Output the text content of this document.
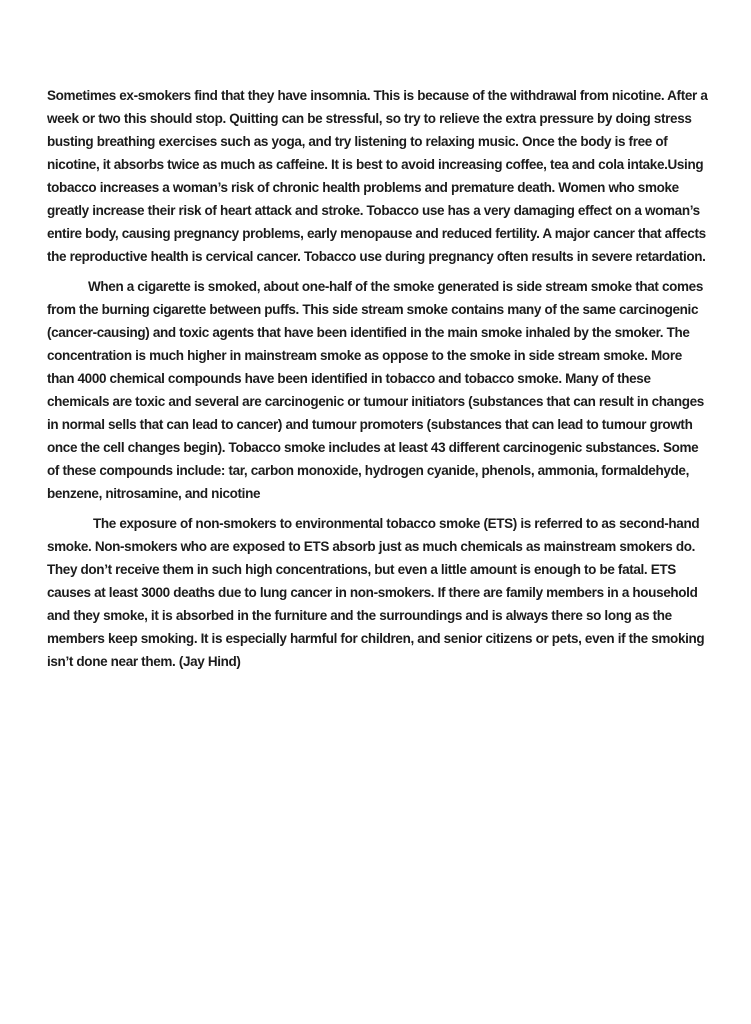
Sometimes ex-smokers find that they have insomnia. This is because of the withdrawal from nicotine. After a week or two this should stop. Quitting can be stressful, so try to relieve the extra pressure by doing stress busting breathing exercises such as yoga, and try listening to relaxing music. Once the body is free of nicotine, it absorbs twice as much as caffeine. It is best to avoid increasing coffee, tea and cola intake.Using tobacco increases a woman’s risk of chronic health problems and premature death. Women who smoke greatly increase their risk of heart attack and stroke. Tobacco use has a very damaging effect on a woman’s entire body, causing pregnancy problems, early menopause and reduced fertility. A major cancer that affects the reproductive health is cervical cancer. Tobacco use during pregnancy often results in severe retardation.

When a cigarette is smoked, about one-half of the smoke generated is side stream smoke that comes from the burning cigarette between puffs. This side stream smoke contains many of the same carcinogenic (cancer-causing) and toxic agents that have been identified in the main smoke inhaled by the smoker. The concentration is much higher in mainstream smoke as oppose to the smoke in side stream smoke. More than 4000 chemical compounds have been identified in tobacco and tobacco smoke. Many of these chemicals are toxic and several are carcinogenic or tumour initiators (substances that can result in changes in normal sells that can lead to cancer) and tumour promoters (substances that can lead to tumour growth once the cell changes begin). Tobacco smoke includes at least 43 different carcinogenic substances. Some of these compounds include: tar, carbon monoxide, hydrogen cyanide, phenols, ammonia, formaldehyde, benzene, nitrosamine, and nicotine

The exposure of non-smokers to environmental tobacco smoke (ETS) is referred to as second-hand smoke. Non-smokers who are exposed to ETS absorb just as much chemicals as mainstream smokers do. They don’t receive them in such high concentrations, but even a little amount is enough to be fatal. ETS causes at least 3000 deaths due to lung cancer in non-smokers. If there are family members in a household and they smoke, it is absorbed in the furniture and the surroundings and is always there so long as the members keep smoking. It is especially harmful for children, and senior citizens or pets, even if the smoking isn’t done near them. (Jay Hind)
